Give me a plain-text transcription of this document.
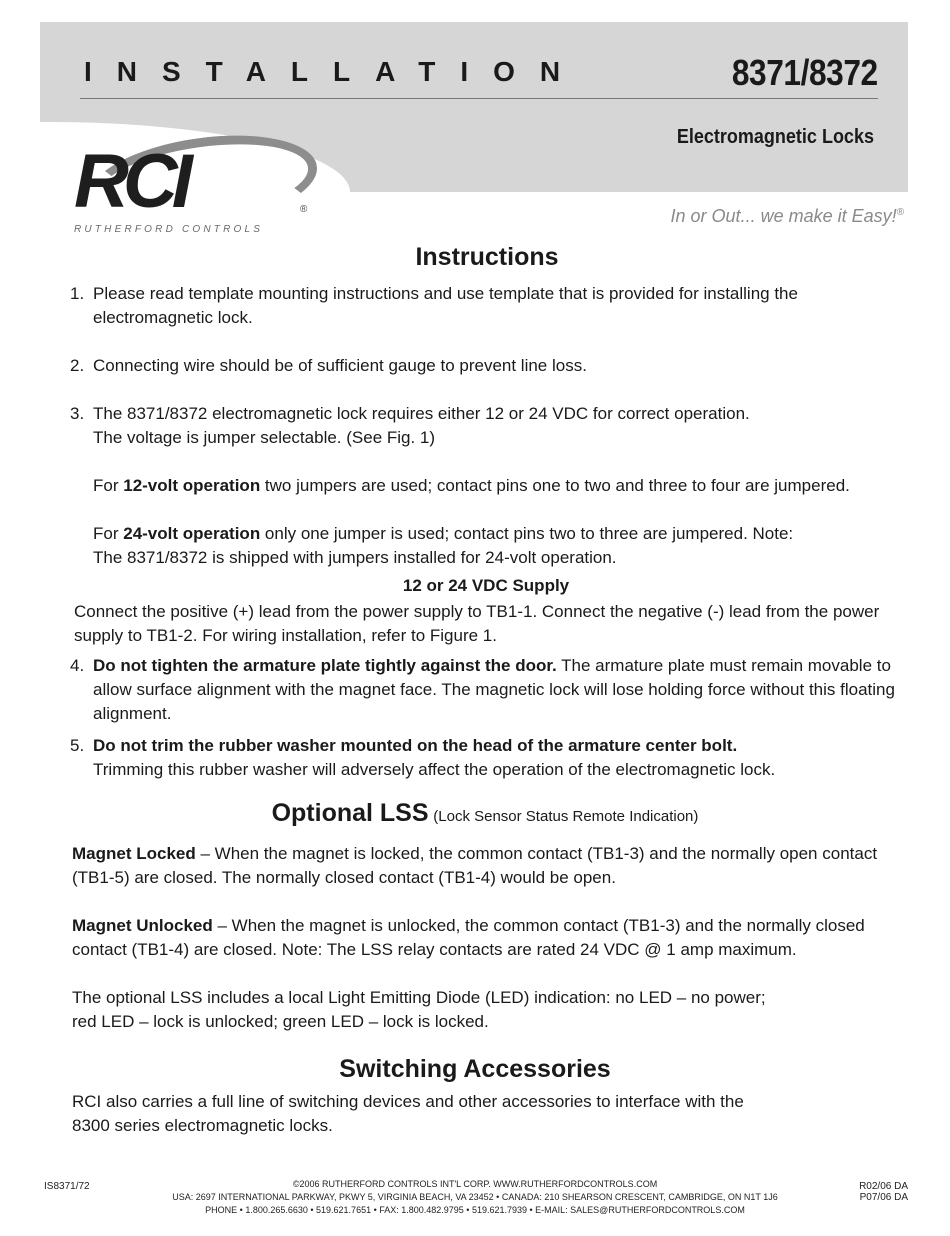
INSTALLATION	8371/8372
Electromagnetic Locks
RCI	®
RUTHERFORD CONTROLS
In or Out... we make it Easy!®
Instructions
1. Please read template mounting instructions and use template that is provided for installing the electromagnetic lock.

2. Connecting wire should be of sufficient gauge to prevent line loss.

3. The 8371/8372 electromagnetic lock requires either 12 or 24 VDC for correct operation.

The voltage is jumper selectable. (See Fig. 1)

For 12-volt operation two jumpers are used; contact pins one to two and three to four are jumpered.

For 24-volt operation only one jumper is used; contact pins two to three are jumpered. Note:

The 8371/8372 is shipped with jumpers installed for 24-volt operation.

12 or 24 VDC Supply

Connect the positive (+) lead from the power supply to TB1-1. Connect the negative (-) lead from the power supply to TB1-2. For wiring installation, refer to Figure 1.

4. Do not tighten the armature plate tightly against the door. The armature plate must remain movable to allow surface alignment with the magnet face. The magnetic lock will lose holding force without this floating alignment.

5. Do not trim the rubber washer mounted on the head of the armature center bolt.

Trimming this rubber washer will adversely affect the operation of the electromagnetic lock.

Optional LSS (Lock Sensor Status Remote Indication)

Magnet Locked – When the magnet is locked, the common contact (TB1-3) and the normally open contact (TB1-5) are closed. The normally closed contact (TB1-4) would be open.

Magnet Unlocked – When the magnet is unlocked, the common contact (TB1-3) and the normally closed contact (TB1-4) are closed. Note: The LSS relay contacts are rated 24 VDC @ 1 amp maximum.

The optional LSS includes a local Light Emitting Diode (LED) indication: no LED – no power;

red LED – lock is unlocked; green LED – lock is locked.

Switching Accessories

RCI also carries a full line of switching devices and other accessories to interface with the

8300 series electromagnetic locks.

IS8371/72	©2006 RUTHERFORD CONTROLS INT'L CORP. WWW.RUTHERFORDCONTROLS.COM
USA: 2697 INTERNATIONAL PARKWAY, PKWY 5, VIRGINIA BEACH, VA 23452 • CANADA: 210 SHEARSON CRESCENT, CAMBRIDGE, ON N1T 1J6
PHONE • 1.800.265.6630 • 519.621.7651 • FAX: 1.800.482.9795 • 519.621.7939 • E-MAIL: SALES@RUTHERFORDCONTROLS.COM
R02/06 DA
P07/06 DA
